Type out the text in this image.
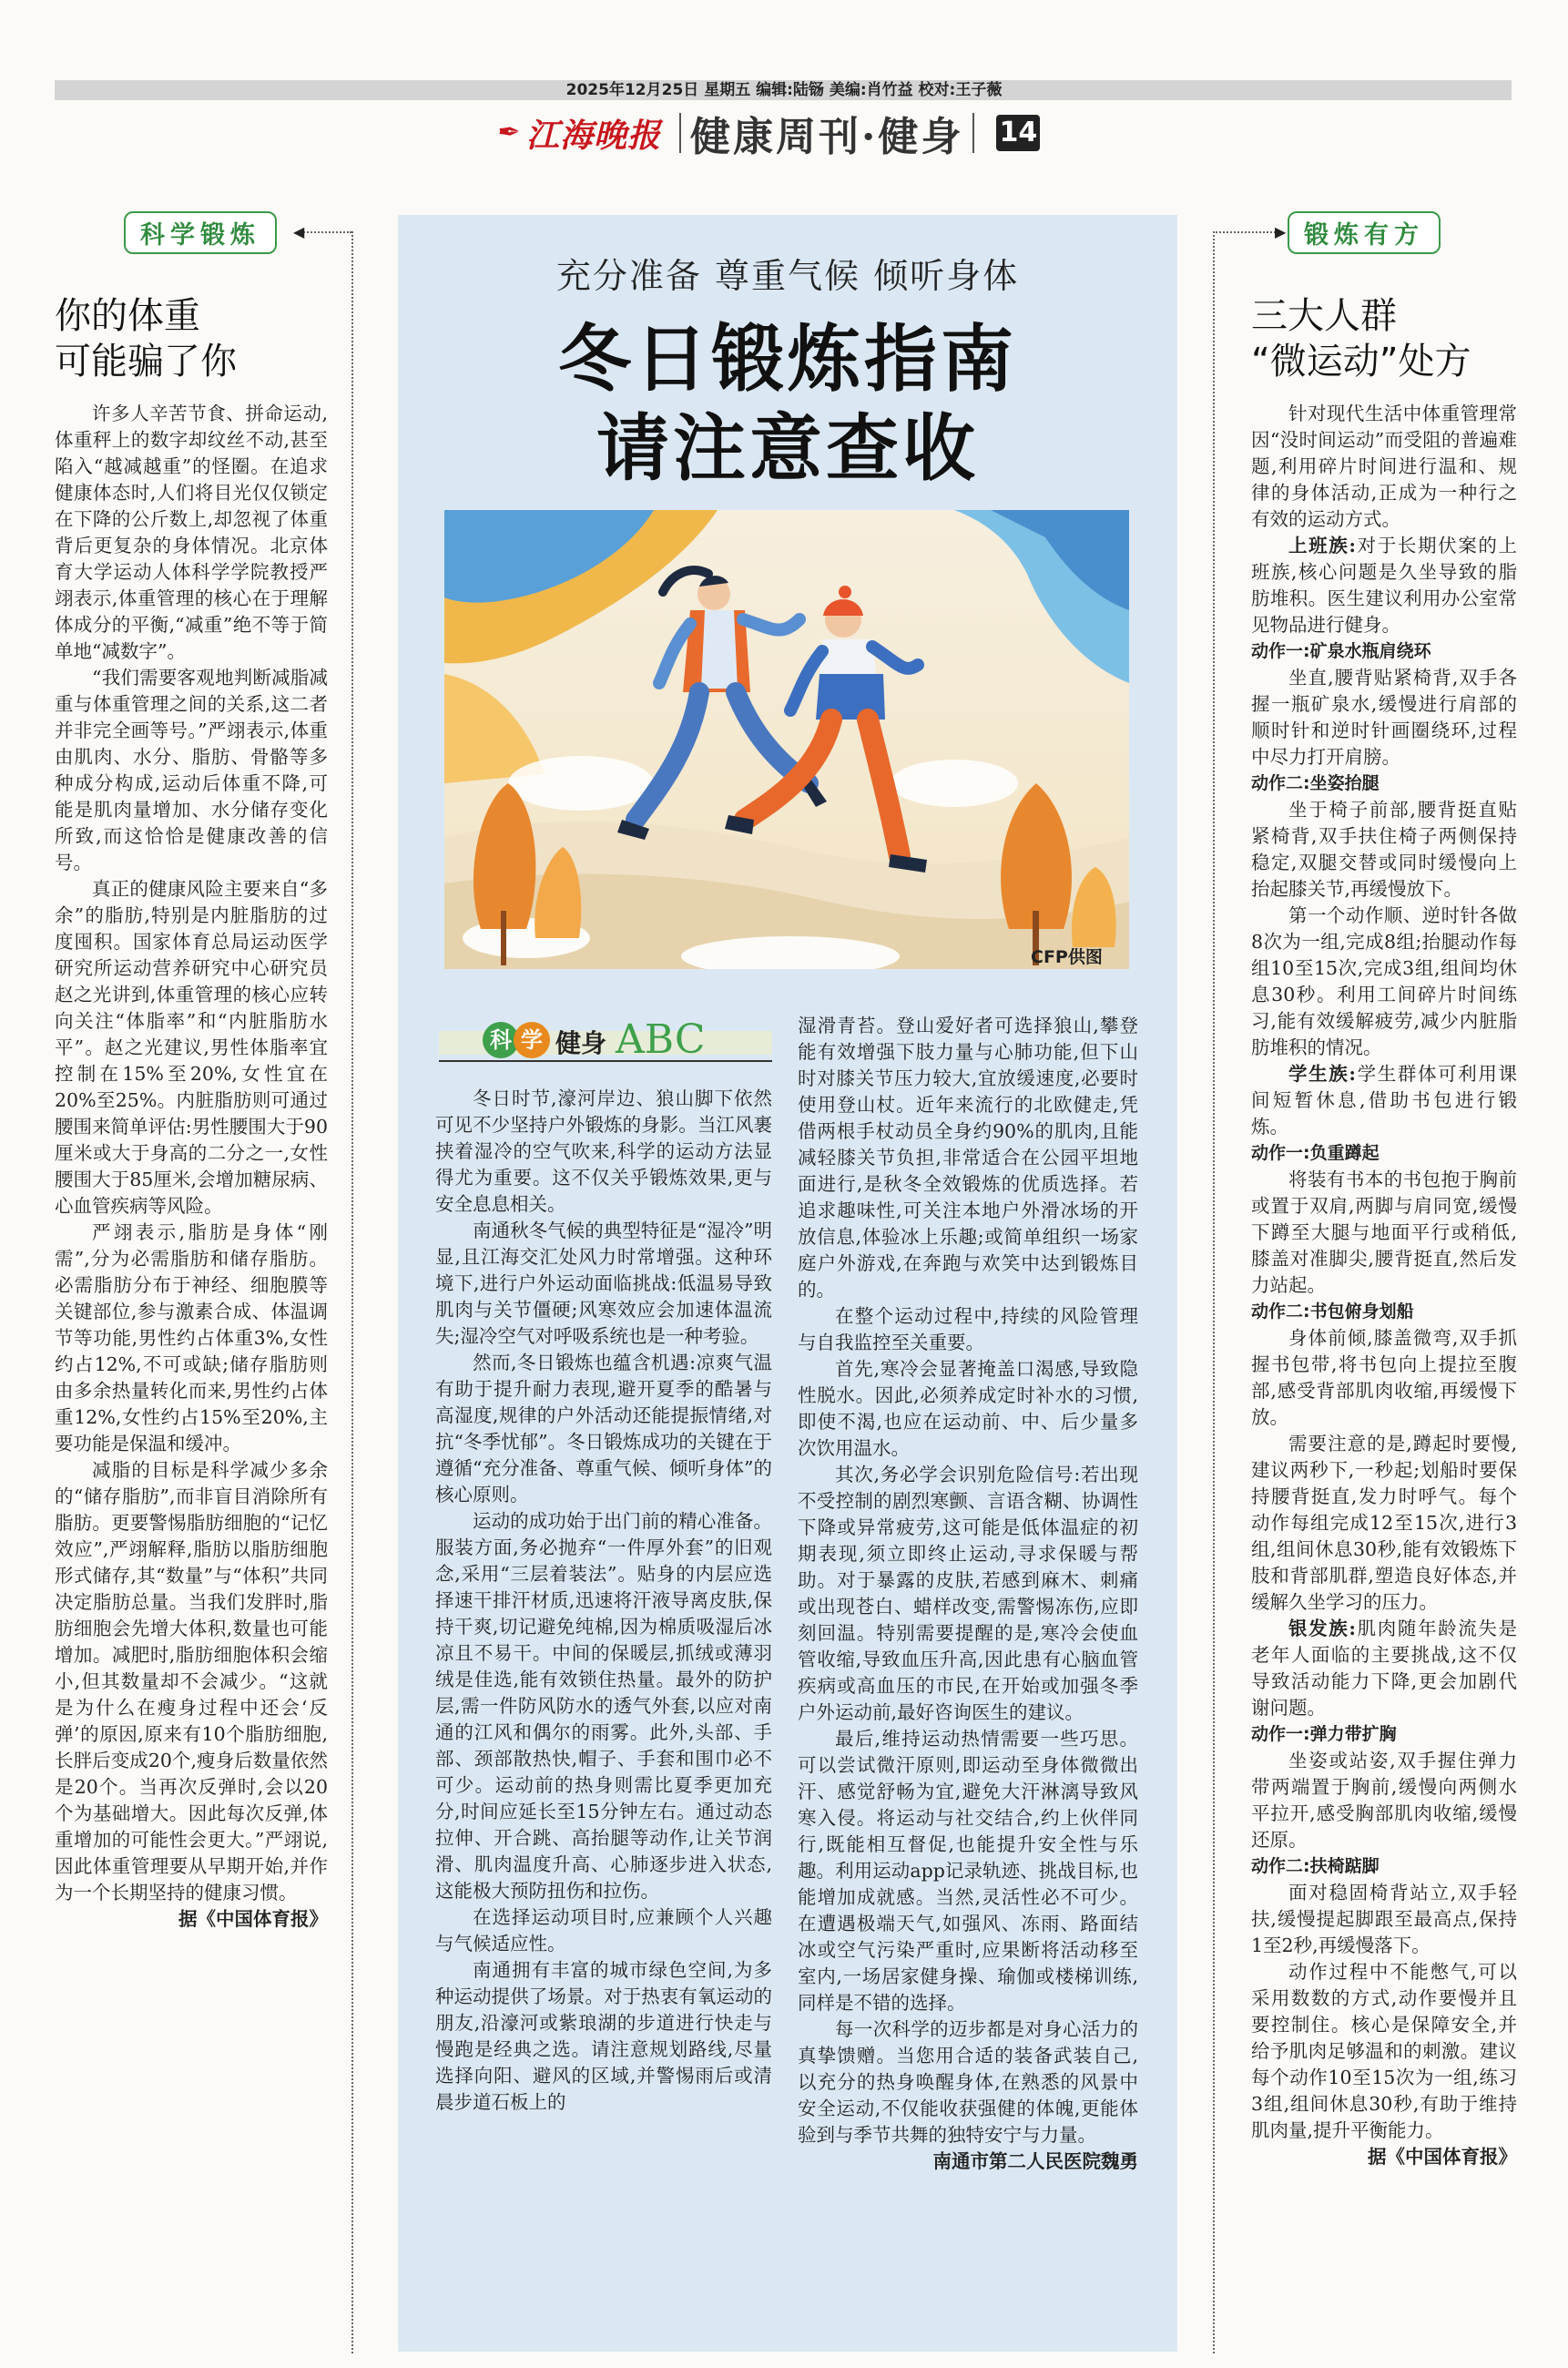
2025年12月25日 星期五 编辑:陆铴 美编:肖竹益 校对:王子薇
✒ 江海晚报 健康周刊·健身 14
科学锻炼	◀
你的体重
可能骗了你

许多人辛苦节食、拼命运动,体重秤上的数字却纹丝不动,甚至陷入“越减越重”的怪圈。在追求健康体态时,人们将目光仅仅锁定在下降的公斤数上,却忽视了体重背后更复杂的身体情况。北京体育大学运动人体科学学院教授严翊表示,体重管理的核心在于理解体成分的平衡,“减重”绝不等于简单地“减数字”。

“我们需要客观地判断减脂减重与体重管理之间的关系,这二者并非完全画等号。”严翊表示,体重由肌肉、水分、脂肪、骨骼等多种成分构成,运动后体重不降,可能是肌肉量增加、水分储存变化所致,而这恰恰是健康改善的信号。

真正的健康风险主要来自“多余”的脂肪,特别是内脏脂肪的过度囤积。国家体育总局运动医学研究所运动营养研究中心研究员赵之光讲到,体重管理的核心应转向关注“体脂率”和“内脏脂肪水平”。赵之光建议,男性体脂率宜控制在15%至20%,女性宜在20%至25%。内脏脂肪则可通过腰围来简单评估:男性腰围大于90厘米或大于身高的二分之一,女性腰围大于85厘米,会增加糖尿病、心血管疾病等风险。

严翊表示,脂肪是身体“刚需”,分为必需脂肪和储存脂肪。必需脂肪分布于神经、细胞膜等关键部位,参与激素合成、体温调节等功能,男性约占体重3%,女性约占12%,不可或缺;储存脂肪则由多余热量转化而来,男性约占体重12%,女性约占15%至20%,主要功能是保温和缓冲。

减脂的目标是科学减少多余的“储存脂肪”,而非盲目消除所有脂肪。更要警惕脂肪细胞的“记忆效应”,严翊解释,脂肪以脂肪细胞形式储存,其“数量”与“体积”共同决定脂肪总量。当我们发胖时,脂肪细胞会先增大体积,数量也可能增加。减肥时,脂肪细胞体积会缩小,但其数量却不会减少。“这就是为什么在瘦身过程中还会‘反弹’的原因,原来有10个脂肪细胞,长胖后变成20个,瘦身后数量依然是20个。当再次反弹时,会以20个为基础增大。因此每次反弹,体重增加的可能性会更大。”严翊说,因此体重管理要从早期开始,并作为一个长期坚持的健康习惯。

据《中国体育报》

充分准备 尊重气候 倾听身体
冬日锻炼指南
请注意查收
CFP供图
科 学 健身 ABC

冬日时节,濠河岸边、狼山脚下依然可见不少坚持户外锻炼的身影。当江风裹挟着湿冷的空气吹来,科学的运动方法显得尤为重要。这不仅关乎锻炼效果,更与安全息息相关。

南通秋冬气候的典型特征是“湿冷”明显,且江海交汇处风力时常增强。这种环境下,进行户外运动面临挑战:低温易导致肌肉与关节僵硬;风寒效应会加速体温流失;湿冷空气对呼吸系统也是一种考验。

然而,冬日锻炼也蕴含机遇:凉爽气温有助于提升耐力表现,避开夏季的酷暑与高湿度,规律的户外活动还能提振情绪,对抗“冬季忧郁”。冬日锻炼成功的关键在于遵循“充分准备、尊重气候、倾听身体”的核心原则。

运动的成功始于出门前的精心准备。服装方面,务必抛弃“一件厚外套”的旧观念,采用“三层着装法”。贴身的内层应选择速干排汗材质,迅速将汗液导离皮肤,保持干爽,切记避免纯棉,因为棉质吸湿后冰凉且不易干。中间的保暖层,抓绒或薄羽绒是佳选,能有效锁住热量。最外的防护层,需一件防风防水的透气外套,以应对南通的江风和偶尔的雨雾。此外,头部、手部、颈部散热快,帽子、手套和围巾必不可少。运动前的热身则需比夏季更加充分,时间应延长至15分钟左右。通过动态拉伸、开合跳、高抬腿等动作,让关节润滑、肌肉温度升高、心肺逐步进入状态,这能极大预防扭伤和拉伤。

在选择运动项目时,应兼顾个人兴趣与气候适应性。

南通拥有丰富的城市绿色空间,为多种运动提供了场景。对于热衷有氧运动的朋友,沿濠河或紫琅湖的步道进行快走与慢跑是经典之选。请注意规划路线,尽量选择向阳、避风的区域,并警惕雨后或清晨步道石板上的

湿滑青苔。登山爱好者可选择狼山,攀登能有效增强下肢力量与心肺功能,但下山时对膝关节压力较大,宜放缓速度,必要时使用登山杖。近年来流行的北欧健走,凭借两根手杖动员全身约90%的肌肉,且能减轻膝关节负担,非常适合在公园平坦地面进行,是秋冬全效锻炼的优质选择。若追求趣味性,可关注本地户外滑冰场的开放信息,体验冰上乐趣;或简单组织一场家庭户外游戏,在奔跑与欢笑中达到锻炼目的。

在整个运动过程中,持续的风险管理与自我监控至关重要。

首先,寒冷会显著掩盖口渴感,导致隐性脱水。因此,必须养成定时补水的习惯,即使不渴,也应在运动前、中、后少量多次饮用温水。

其次,务必学会识别危险信号:若出现不受控制的剧烈寒颤、言语含糊、协调性下降或异常疲劳,这可能是低体温症的初期表现,须立即终止运动,寻求保暖与帮助。对于暴露的皮肤,若感到麻木、刺痛或出现苍白、蜡样改变,需警惕冻伤,应即刻回温。特别需要提醒的是,寒冷会使血管收缩,导致血压升高,因此患有心脑血管疾病或高血压的市民,在开始或加强冬季户外运动前,最好咨询医生的建议。

最后,维持运动热情需要一些巧思。可以尝试微汗原则,即运动至身体微微出汗、感觉舒畅为宜,避免大汗淋漓导致风寒入侵。将运动与社交结合,约上伙伴同行,既能相互督促,也能提升安全性与乐趣。利用运动app记录轨迹、挑战目标,也能增加成就感。当然,灵活性必不可少。在遭遇极端天气,如强风、冻雨、路面结冰或空气污染严重时,应果断将活动移至室内,一场居家健身操、瑜伽或楼梯训练,同样是不错的选择。

每一次科学的迈步都是对身心活力的真挚馈赠。当您用合适的装备武装自己,以充分的热身唤醒身体,在熟悉的风景中安全运动,不仅能收获强健的体魄,更能体验到与季节共舞的独特安宁与力量。

南通市第二人民医院魏勇

锻炼有方
▶
三大人群
“微运动”处方

针对现代生活中体重管理常因“没时间运动”而受阻的普遍难题,利用碎片时间进行温和、规律的身体活动,正成为一种行之有效的运动方式。

上班族:对于长期伏案的上班族,核心问题是久坐导致的脂肪堆积。医生建议利用办公室常见物品进行健身。

动作一:矿泉水瓶肩绕环

坐直,腰背贴紧椅背,双手各握一瓶矿泉水,缓慢进行肩部的顺时针和逆时针画圈绕环,过程中尽力打开肩膀。

动作二:坐姿抬腿

坐于椅子前部,腰背挺直贴紧椅背,双手扶住椅子两侧保持稳定,双腿交替或同时缓慢向上抬起膝关节,再缓慢放下。

第一个动作顺、逆时针各做8次为一组,完成8组;抬腿动作每组10至15次,完成3组,组间均休息30秒。利用工间碎片时间练习,能有效缓解疲劳,减少内脏脂肪堆积的情况。

学生族:学生群体可利用课间短暂休息,借助书包进行锻炼。

动作一:负重蹲起

将装有书本的书包抱于胸前或置于双肩,两脚与肩同宽,缓慢下蹲至大腿与地面平行或稍低,膝盖对准脚尖,腰背挺直,然后发力站起。

动作二:书包俯身划船

身体前倾,膝盖微弯,双手抓握书包带,将书包向上提拉至腹部,感受背部肌肉收缩,再缓慢下放。

需要注意的是,蹲起时要慢,建议两秒下,一秒起;划船时要保持腰背挺直,发力时呼气。每个动作每组完成12至15次,进行3组,组间休息30秒,能有效锻炼下肢和背部肌群,塑造良好体态,并缓解久坐学习的压力。

银发族:肌肉随年龄流失是老年人面临的主要挑战,这不仅导致活动能力下降,更会加剧代谢问题。

动作一:弹力带扩胸

坐姿或站姿,双手握住弹力带两端置于胸前,缓慢向两侧水平拉开,感受胸部肌肉收缩,缓慢还原。

动作二:扶椅踮脚

面对稳固椅背站立,双手轻扶,缓慢提起脚跟至最高点,保持1至2秒,再缓慢落下。

动作过程中不能憋气,可以采用数数的方式,动作要慢并且要控制住。核心是保障安全,并给予肌肉足够温和的刺激。建议每个动作10至15次为一组,练习3组,组间休息30秒,有助于维持肌肉量,提升平衡能力。

据《中国体育报》
